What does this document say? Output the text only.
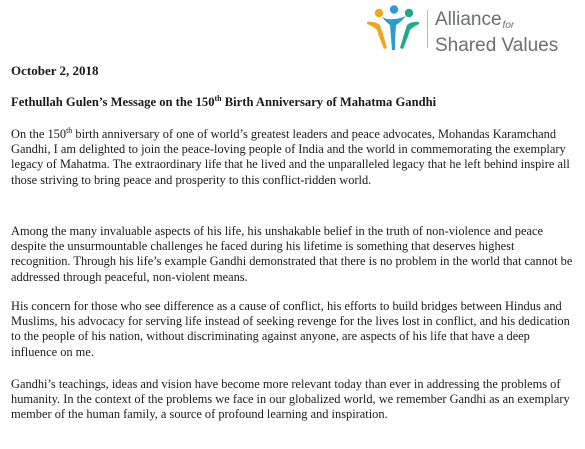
Alliancefor
Shared Values
October 2, 2018
Fethullah Gulen’s Message on the 150th Birth Anniversary of Mahatma Gandhi

On the 150th birth anniversary of one of world’s greatest leaders and peace advocates, Mohandas Karamchand Gandhi, I am delighted to join the peace-loving people of India and the world in commemorating the exemplary legacy of Mahatma. The extraordinary life that he lived and the unparalleled legacy that he left behind inspire all those striving to bring peace and prosperity to this conflict-ridden world.

Among the many invaluable aspects of his life, his unshakable belief in the truth of non-violence and peace despite the unsurmountable challenges he faced during his lifetime is something that deserves highest recognition. Through his life’s example Gandhi demonstrated that there is no problem in the world that cannot be addressed through peaceful, non-violent means.

His concern for those who see difference as a cause of conflict, his efforts to build bridges between Hindus and Muslims, his advocacy for serving life instead of seeking revenge for the lives lost in conflict, and his dedication to the people of his nation, without discriminating against anyone, are aspects of his life that have a deep influence on me.

Gandhi’s teachings, ideas and vision have become more relevant today than ever in addressing the problems of humanity. In the context of the problems we face in our globalized world, we remember Gandhi as an exemplary member of the human family, a source of profound learning and inspiration.
